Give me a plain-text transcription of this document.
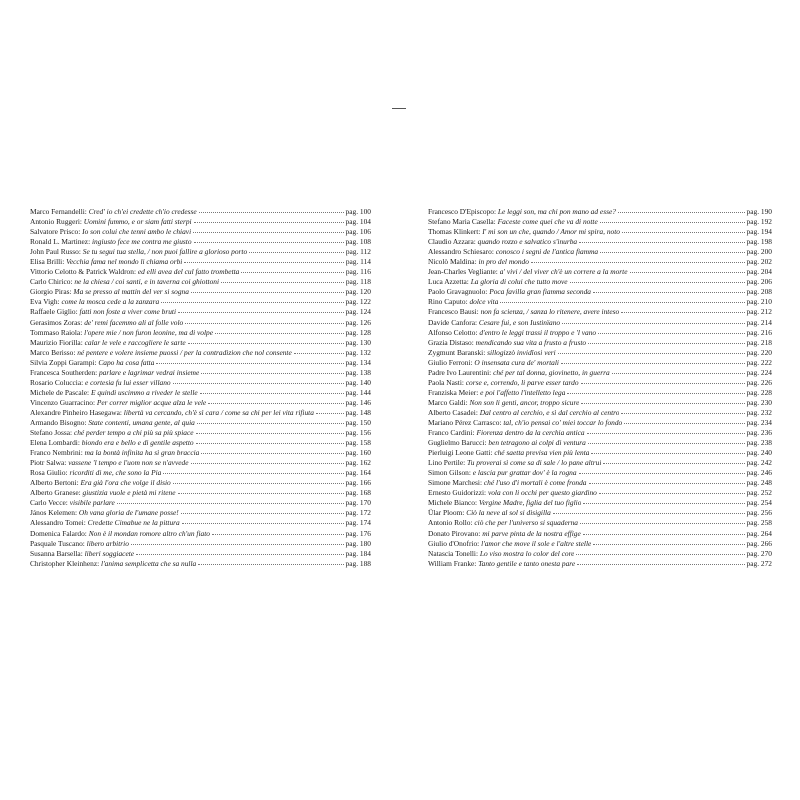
Marco Fernandelli: Cred' io ch'ei credette ch'io credesse	pag. 100
Antonio Ruggeri: Uomini fummo, e or siam fatti sterpi	pag. 104
Salvatore Prisco: Io son colui che tenni ambo le chiavi	pag. 106
Ronald L. Martinez: ingiusto fece me contra me giusto	pag. 108
John Paul Russo: Se tu segui tua stella, / non puoi fallire a glorioso porto	pag. 112
Elisa Brilli: Vecchia fama nel mondo li chiama orbi	pag. 114
Vittorio Celotto & Patrick Waldron: ed elli avea del cul fatto trombetta	pag. 116
Carlo Chirico: ne la chiesa / coi santi, e in taverna coi ghiottoni	pag. 118
Giorgio Piras: Ma se presso al mattin del ver si sogna	pag. 120
Eva Vigh: come la mosca cede a la zanzara	pag. 122
Raffaele Giglio: fatti non foste a viver come bruti	pag. 124
Gerasimos Zoras: de' remi facemmo ali al folle volo	pag. 126
Tommaso Raiola: l'opere mie / non furon leonine, ma di volpe	pag. 128
Maurizio Fiorilla: calar le vele e raccogliere le sarte	pag. 130
Marco Berisso: né pentere e volere insieme puossi / per la contradizion che nol consente	pag. 132
Silvia Zoppi Garampi: Capo ha cosa fatta	pag. 134
Francesca Southerden: parlare e lagrimar vedrai insieme	pag. 138
Rosario Coluccia: e cortesia fu lui esser villano	pag. 140
Michele de Pascale: E quindi uscimmo a riveder le stelle	pag. 144
Vincenzo Guarracino: Per correr miglior acque alza le vele	pag. 146
Alexandre Pinheiro Hasegawa: libertà va cercando, ch'è sì cara / come sa chi per lei vita rifiuta	pag. 148
Armando Bisogno: State contenti, umana gente, al quia	pag. 150
Stefano Jossa: ché perder tempo a chi più sa più spiace	pag. 156
Elena Lombardi: biondo era e bello e di gentile aspetto	pag. 158
Franco Nembrini: ma la bontà infinita ha sì gran braccia	pag. 160
Piotr Salwa: vassene 'l tempo e l'uom non se n'avvede	pag. 162
Rosa Giulio: ricorditi di me, che sono la Pia	pag. 164
Alberto Bertoni: Era già l'ora che volge il disio	pag. 166
Alberto Granese: giustizia vuole e pietà mi ritene	pag. 168
Carlo Vecce: visibile parlare	pag. 170
János Kelemen: Oh vana gloria de l'umane posse!	pag. 172
Alessandro Tomei: Credette Cimabue ne la pittura	pag. 174
Domenica Falardo: Non è il mondan romore altro ch'un fiato	pag. 176
Pasquale Tuscano: libero arbitrio	pag. 180
Susanna Barsella: liberi soggiacete	pag. 184
Christopher Kleinhenz: l'anima semplicetta che sa nulla	pag. 188
Francesco D'Episcopo: Le leggi son, ma chi pon mano ad esse?	pag. 190
Stefano Maria Casella: Faceste come quei che va di notte	pag. 192
Thomas Klinkert: I' mi son un che, quando / Amor mi spira, noto	pag. 194
Claudio Azzara: quando rozzo e salvatico s'inurba	pag. 198
Alessandro Schiesaro: conosco i segni de l'antica fiamma	pag. 200
Nicolò Maldina: in pro del mondo	pag. 202
Jean-Charles Vegliante: a' vivi / del viver ch'è un correre a la morte	pag. 204
Luca Azzetta: La gloria di colui che tutto move	pag. 206
Paolo Gravagnuolo: Poca favilla gran fiamma seconda	pag. 208
Rino Caputo: dolce vita	pag. 210
Francesco Bausi: non fa scienza, / sanza lo ritenere, avere inteso	pag. 212
Davide Canfora: Cesare fui, e son Iustinïano	pag. 214
Alfonso Celotto: d'entro le leggi trassi il troppo e 'l vano	pag. 216
Grazia Distaso: mendicando sua vita a frusto a frusto	pag. 218
Zygmunt Baranski: sillogizzò invidïosi veri	pag. 220
Giulio Ferroni: O insensata cura de' mortali	pag. 222
Padre Ivo Laurentini: ché per tal donna, giovinetto, in guerra	pag. 224
Paola Nasti: corse e, correndo, li parve esser tardo	pag. 226
Franziska Meier: e poi l'affetto l'intelletto lega	pag. 228
Marco Galdi: Non son li genti, ancor, troppo sicure	pag. 230
Alberto Casadei: Dal centro al cerchio, e sì dal cerchio al centro	pag. 232
Mariano Pérez Carrasco: tal, ch'io pensai co' miei toccar lo fondo	pag. 234
Franco Cardini: Fiorenza dentro da la cerchia antica	pag. 236
Guglielmo Barucci: ben tetragono ai colpi di ventura	pag. 238
Pierluigi Leone Gatti: ché saetta previsa vien più lenta	pag. 240
Lino Pertile: Tu proverai sì come sa di sale / lo pane altrui	pag. 242
Simon Gilson: e lascia pur grattar dov' è la rogna	pag. 246
Simone Marchesi: ché l'uso d'i mortali è come fronda	pag. 248
Ernesto Guidorizzi: vola con li occhi per questo giardino	pag. 252
Michele Bianco: Vergine Madre, figlia del tuo figlio	pag. 254
Ülar Ploom: Ciò la neve al sol si disigilla	pag. 256
Antonio Rollo: ciò che per l'universo si squaderna	pag. 258
Donato Pirovano: mi parve pinta de la nostra effige	pag. 264
Giulio d'Onofrio: l'amor che move il sole e l'altre stelle	pag. 266
Natascia Tonelli: Lo viso mostra lo color del core	pag. 270
William Franke: Tanto gentile e tanto onesta pare	pag. 272
